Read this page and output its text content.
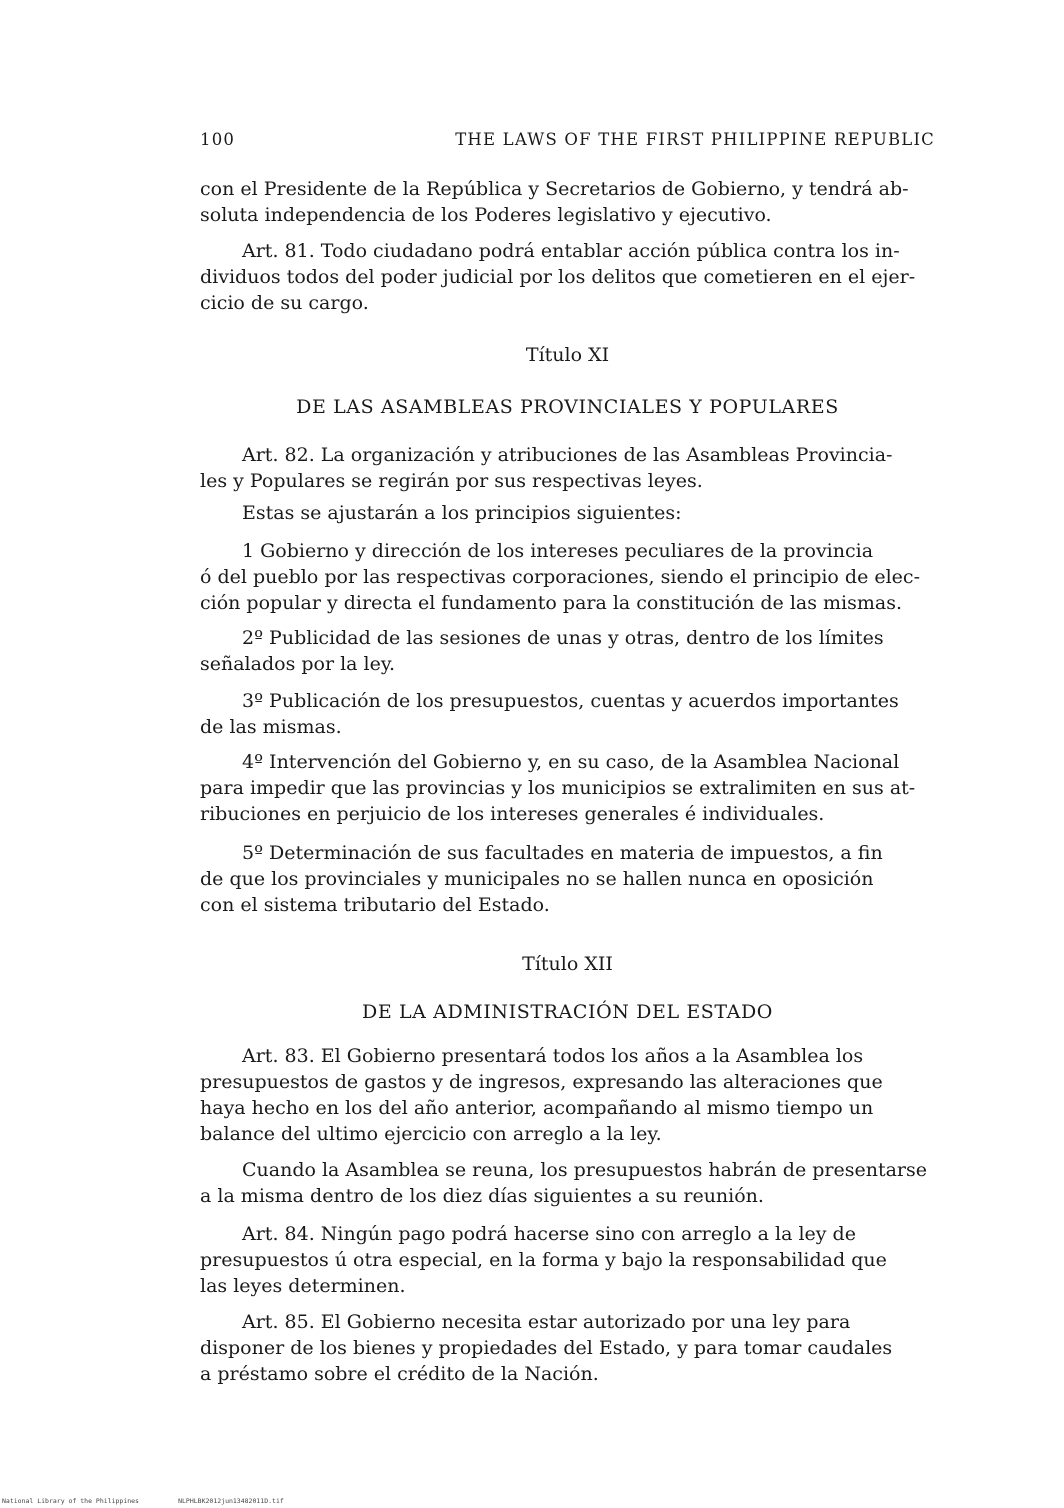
100	THE LAWS OF THE FIRST PHILIPPINE REPUBLIC
con el Presidente de la República y Secretarios de Gobierno, y tendrá ab-
soluta independencia de los Poderes legislativo y ejecutivo.
Art. 81. Todo ciudadano podrá entablar acción pública contra los in-
dividuos todos del poder judicial por los delitos que cometieren en el ejer-
cicio de su cargo.
Título XI
DE LAS ASAMBLEAS PROVINCIALES Y POPULARES
Art. 82. La organización y atribuciones de las Asambleas Provincia-
les y Populares se regirán por sus respectivas leyes.
Estas se ajustarán a los principios siguientes:
1 Gobierno y dirección de los intereses peculiares de la provincia
ó del pueblo por las respectivas corporaciones, siendo el principio de elec-
ción popular y directa el fundamento para la constitución de las mismas.
2º Publicidad de las sesiones de unas y otras, dentro de los límites
señalados por la ley.
3º Publicación de los presupuestos, cuentas y acuerdos importantes
de las mismas.
4º Intervención del Gobierno y, en su caso, de la Asamblea Nacional
para impedir que las provincias y los municipios se extralimiten en sus at-
ribuciones en perjuicio de los intereses generales é individuales.
5º Determinación de sus facultades en materia de impuestos, a fin
de que los provinciales y municipales no se hallen nunca en oposición
con el sistema tributario del Estado.
Título XII
DE LA ADMINISTRACIÓN DEL ESTADO
Art. 83. El Gobierno presentará todos los años a la Asamblea los
presupuestos de gastos y de ingresos, expresando las alteraciones que
haya hecho en los del año anterior, acompañando al mismo tiempo un
balance del ultimo ejercicio con arreglo a la ley.
Cuando la Asamblea se reuna, los presupuestos habrán de presentarse
a la misma dentro de los diez días siguientes a su reunión.
Art. 84. Ningún pago podrá hacerse sino con arreglo a la ley de
presupuestos ú otra especial, en la forma y bajo la responsabilidad que
las leyes determinen.
Art. 85. El Gobierno necesita estar autorizado por una ley para
disponer de los bienes y propiedades del Estado, y para tomar caudales
a préstamo sobre el crédito de la Nación.
National Library of the Philippines	NLPHLBK2012jun13482011D.tif
